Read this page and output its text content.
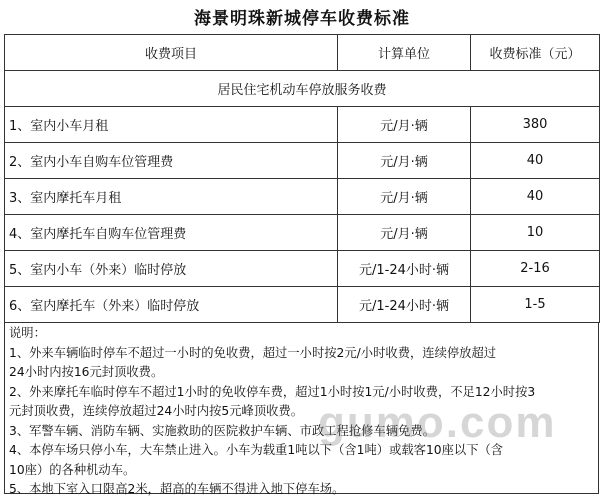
海景明珠新城停车收费标准
收费项目	计算单位	收费标准（元）
居民住宅机动车停放服务收费		
1、室内小车月租	元/月·辆	380
2、室内小车自购车位管理费	元/月·辆	40
3、室内摩托车月租	元/月·辆	40
4、室内摩托车自购车位管理费	元/月·辆	10
5、室内小车（外来）临时停放	元/1-24小时·辆	2-16
6、室内摩托车（外来）临时停放	元/1-24小时·辆	1-5
说明：
1、外来车辆临时停车不超过一小时的免收费，超过一小时按2元/小时收费，连续停放超过
24小时内按16元封顶收费。
2、外来摩托车临时停车不超过1小时的免收停车费，超过1小时按1元/小时收费，不足12小时按3
元封顶收费，连续停放超过24小时内按5元峰顶收费。
3、军警车辆、消防车辆、实施救助的医院救护车辆、市政工程抢修车辆免费。
4、本停车场只停小车，大车禁止进入。小车为载重1吨以下（含1吨）或载客10座以下（含
10座）的各种机动车。
5、本地下室入口限高2米，超高的车辆不得进入地下停车场。
gumo.com
